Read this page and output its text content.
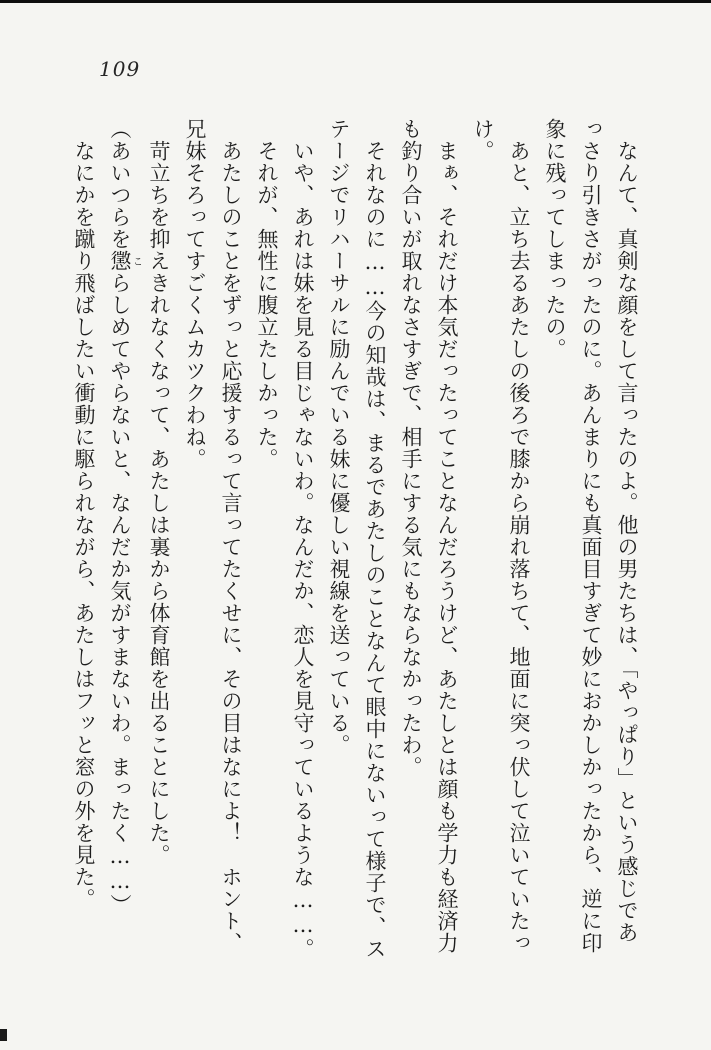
109
　なんて、真剣な顔をして言ったのよ。他の男たちは、「やっぱり」という感じであ
っさり引きさがったのに。あんまりにも真面目すぎて妙におかしかったから、逆に印
象に残ってしまったの。
　あと、立ち去るあたしの後ろで膝から崩れ落ちて、地面に突っ伏して泣いていたっ
け。
　まぁ、それだけ本気だったってことなんだろうけど、あたしとは顔も学力も経済力
も釣り合いが取れなさすぎで、相手にする気にもならなかったわ。
　それなのに……今の知哉は、まるであたしのことなんて眼中にないって様子で、ス
テージでリハーサルに励んでいる妹に優しい視線を送っている。
　いや、あれは妹を見る目じゃないわ。なんだか、恋人を見守っているような……。
　それが、無性に腹立たしかった。
　あたしのことをずっと応援するって言ってたくせに、その目はなによ！　ホント、
兄妹そろってすごくムカツクわね。
　苛立ちを抑えきれなくなって、あたしは裏から体育館を出ることにした。
（あいつらを懲こらしめてやらないと、なんだか気がすまないわ。まったく……）
　なにかを蹴り飛ばしたい衝動に駆られながら、あたしはフッと窓の外を見た。
